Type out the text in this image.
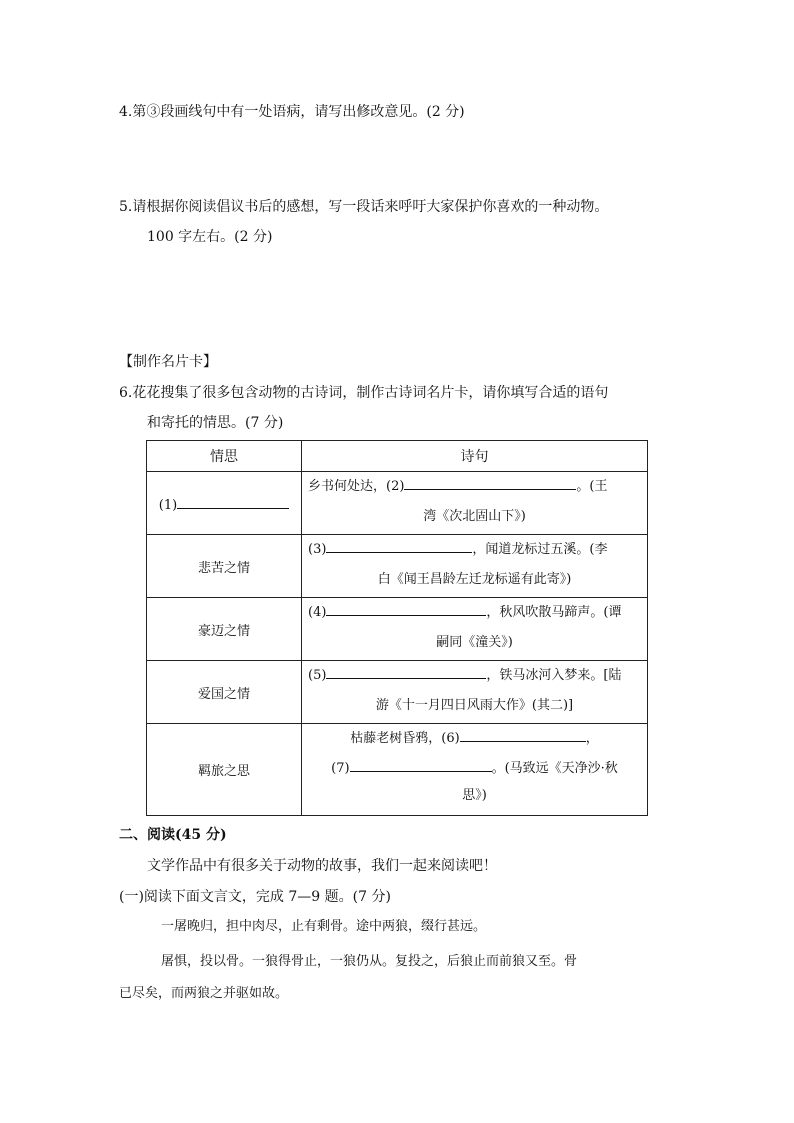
4.第③段画线句中有一处语病，请写出修改意见。(2 分)
5.请根据你阅读倡议书后的感想，写一段话来呼吁大家保护你喜欢的一种动物。
100 字左右。(2 分)
【制作名片卡】
6.花花搜集了很多包含动物的古诗词，制作古诗词名片卡，请你填写合适的语句
和寄托的情思。(7 分)
情思	诗句
(1)	乡书何处达，(2) 。(王
湾《次北固山下》)

悲苦之情	(3) ，闻道龙标过五溪。(李
白《闻王昌龄左迁龙标遥有此寄》)

豪迈之情	(4) ，秋风吹散马蹄声。(谭
嗣同《潼关》)

爱国之情	(5) ，铁马冰河入梦来。[陆
游《十一月四日风雨大作》(其二)]

羁旅之思	枯藤老树昏鸦，(6) ，
(7) 。(马致远《天净沙·秋
思》)
二、阅读(45 分)
文学作品中有很多关于动物的故事，我们一起来阅读吧！
(一)阅读下面文言文，完成 7—9 题。(7 分)
一屠晚归，担中肉尽，止有剩骨。途中两狼，缀行甚远。
屠惧，投以骨。一狼得骨止，一狼仍从。复投之，后狼止而前狼又至。骨
已尽矣，而两狼之并驱如故。
